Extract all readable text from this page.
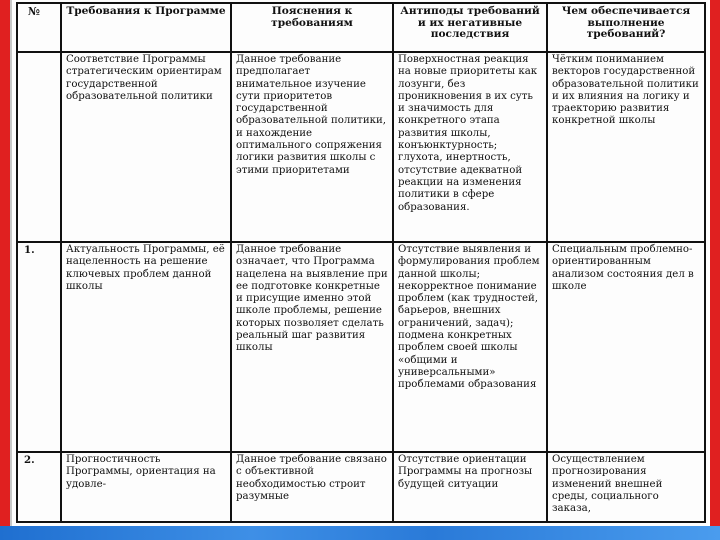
№	Требования к Программе	Пояснения к требованиям	Антиподы требований и их негативные последствия	Чем обеспечивается выполнение требований?
	Соответствие Программы стратегическим ориентирам государственной образовательной политики	Данное требование предполагает внимательное изучение сути приоритетов государственной образовательной политики, и нахождение оптимального сопряжения логики развития школы с этими приоритетами	Поверхностная реакция на новые приоритеты как лозунги, без проникновения в их суть и значимость для конкретного этапа развития школы, конъюнктурность; глухота, инертность, отсутствие адекватной реакции на изменения политики в сфере образования.	Чётким пониманием векторов государственной образовательной политики и их влияния на логику и траекторию развития конкретной школы
1.	Актуальность Программы, её нацеленность на решение ключевых проблем данной школы	Данное требование означает, что Программа нацелена на выявление при ее подготовке конкретные и присущие именно этой школе проблемы, решение которых позволяет сделать реальный шаг развития школы	Отсутствие выявления и формулирования проблем данной школы; некорректное понимание проблем (как трудностей, барьеров, внешних ограничений, задач); подмена конкретных проблем своей школы «общими и универсальными» проблемами образования	Специальным проблемно-ориентированным анализом состояния дел в школе
2.	Прогностичность Программы, ориентация на удовле-	Данное требование связано с объективной необходимостью строит разумные	Отсутствие ориентации Программы на прогнозы будущей ситуации	Осуществлением прогнозирования изменений внешней среды, социального заказа,
